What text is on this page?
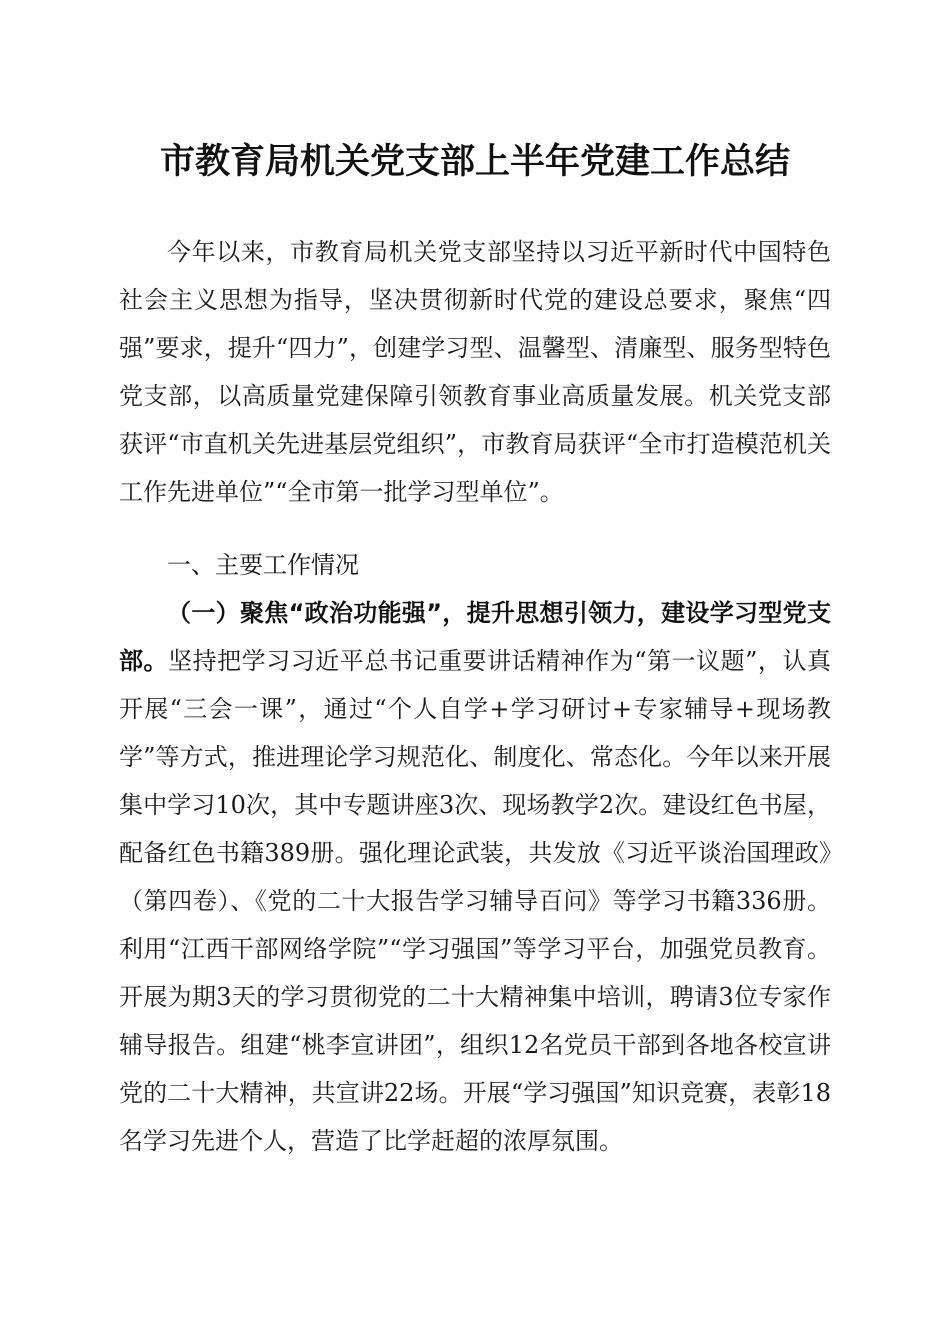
市教育局机关党支部上半年党建工作总结

今年以来，市教育局机关党支部坚持以习近平新时代中国特色社会主义思想为指导，坚决贯彻新时代党的建设总要求，聚焦“四强”要求，提升“四力”，创建学习型、温馨型、清廉型、服务型特色党支部，以高质量党建保障引领教育事业高质量发展。机关党支部获评“市直机关先进基层党组织”，市教育局获评“全市打造模范机关工作先进单位”“全市第一批学习型单位”。

一、主要工作情况

（一）聚焦“政治功能强”，提升思想引领力，建设学习型党支部。坚持把学习习近平总书记重要讲话精神作为“第一议题”，认真开展“三会一课”，通过“个人自学+学习研讨+专家辅导+现场教学”等方式，推进理论学习规范化、制度化、常态化。今年以来开展集中学习10次，其中专题讲座3次、现场教学2次。建设红色书屋，配备红色书籍389册。强化理论武装，共发放《习近平谈治国理政》（第四卷）、《党的二十大报告学习辅导百问》等学习书籍336册。利用“江西干部网络学院”“学习强国”等学习平台，加强党员教育。开展为期3天的学习贯彻党的二十大精神集中培训，聘请3位专家作辅导报告。组建“桃李宣讲团”，组织12名党员干部到各地各校宣讲党的二十大精神，共宣讲22场。开展“学习强国”知识竞赛，表彰18名学习先进个人，营造了比学赶超的浓厚氛围。
